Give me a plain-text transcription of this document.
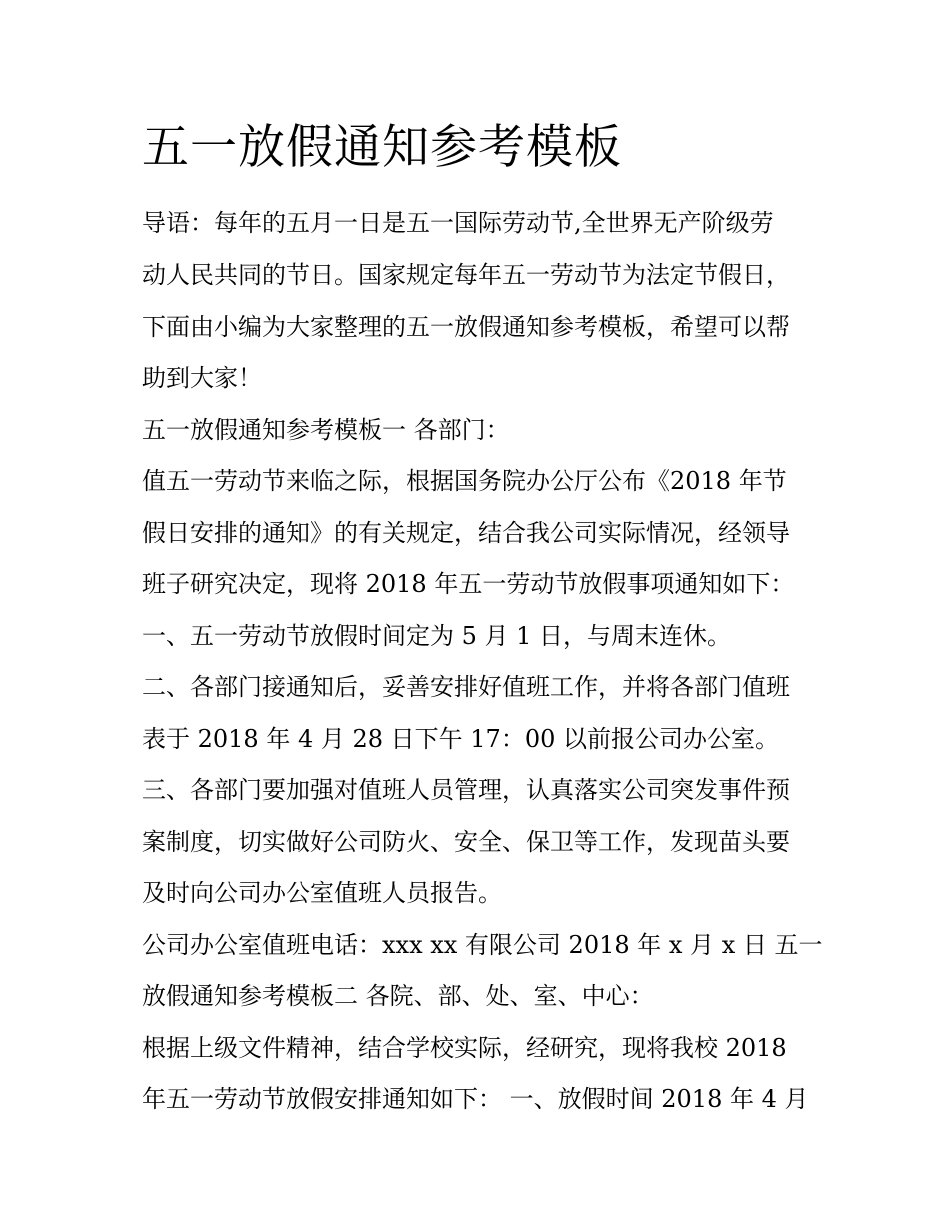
五一放假通知参考模板
导语：每年的五月一日是五一国际劳动节,全世界无产阶级劳
动人民共同的节日。国家规定每年五一劳动节为法定节假日，
下面由小编为大家整理的五一放假通知参考模板，希望可以帮
助到大家！
五一放假通知参考模板一 各部门：
值五一劳动节来临之际，根据国务院办公厅公布《2018 年节
假日安排的通知》的有关规定，结合我公司实际情况，经领导
班子研究决定，现将 2018 年五一劳动节放假事项通知如下：
一、五一劳动节放假时间定为 5 月 1 日，与周末连休。
二、各部门接通知后，妥善安排好值班工作，并将各部门值班
表于 2018 年 4 月 28 日下午 17：00 以前报公司办公室。
三、各部门要加强对值班人员管理，认真落实公司突发事件预
案制度，切实做好公司防火、安全、保卫等工作，发现苗头要
及时向公司办公室值班人员报告。
公司办公室值班电话：xxx xx 有限公司 2018 年 x 月 x 日 五一
放假通知参考模板二 各院、部、处、室、中心：
根据上级文件精神，结合学校实际，经研究，现将我校 2018
年五一劳动节放假安排通知如下： 一、放假时间 2018 年 4 月
